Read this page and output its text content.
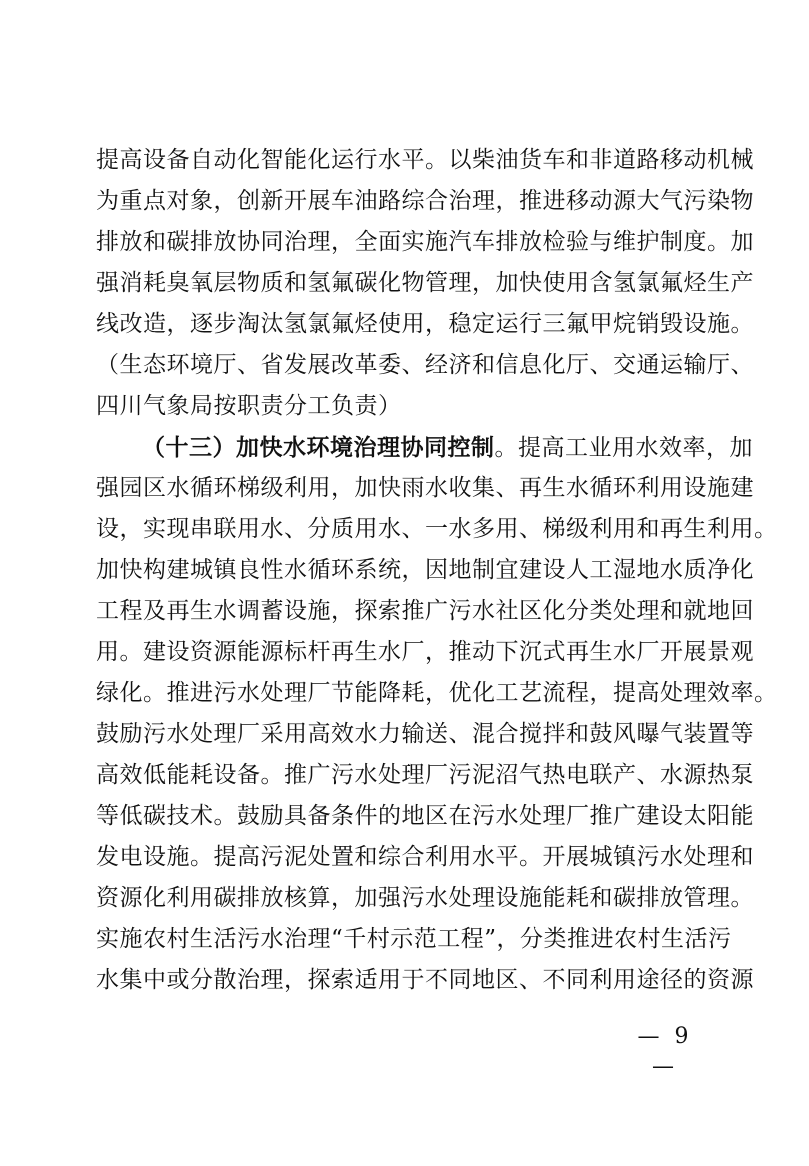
提高设备自动化智能化运行水平。以柴油货车和非道路移动机械
为重点对象，创新开展车油路综合治理，推进移动源大气污染物
排放和碳排放协同治理，全面实施汽车排放检验与维护制度。加
强消耗臭氧层物质和氢氟碳化物管理，加快使用含氢氯氟烃生产
线改造，逐步淘汰氢氯氟烃使用，稳定运行三氟甲烷销毁设施。
（生态环境厅、省发展改革委、经济和信息化厅、交通运输厅、
四川气象局按职责分工负责）
（十三）加快水环境治理协同控制。提高工业用水效率，加
强园区水循环梯级利用，加快雨水收集、再生水循环利用设施建
设，实现串联用水、分质用水、一水多用、梯级利用和再生利用。
加快构建城镇良性水循环系统，因地制宜建设人工湿地水质净化
工程及再生水调蓄设施，探索推广污水社区化分类处理和就地回
用。建设资源能源标杆再生水厂，推动下沉式再生水厂开展景观
绿化。推进污水处理厂节能降耗，优化工艺流程，提高处理效率。
鼓励污水处理厂采用高效水力输送、混合搅拌和鼓风曝气装置等
高效低能耗设备。推广污水处理厂污泥沼气热电联产、水源热泵
等低碳技术。鼓励具备条件的地区在污水处理厂推广建设太阳能
发电设施。提高污泥处置和综合利用水平。开展城镇污水处理和
资源化利用碳排放核算，加强污水处理设施能耗和碳排放管理。
实施农村生活污水治理“千村示范工程”，分类推进农村生活污
水集中或分散治理，探索适用于不同地区、不同利用途径的资源
— 9 —
